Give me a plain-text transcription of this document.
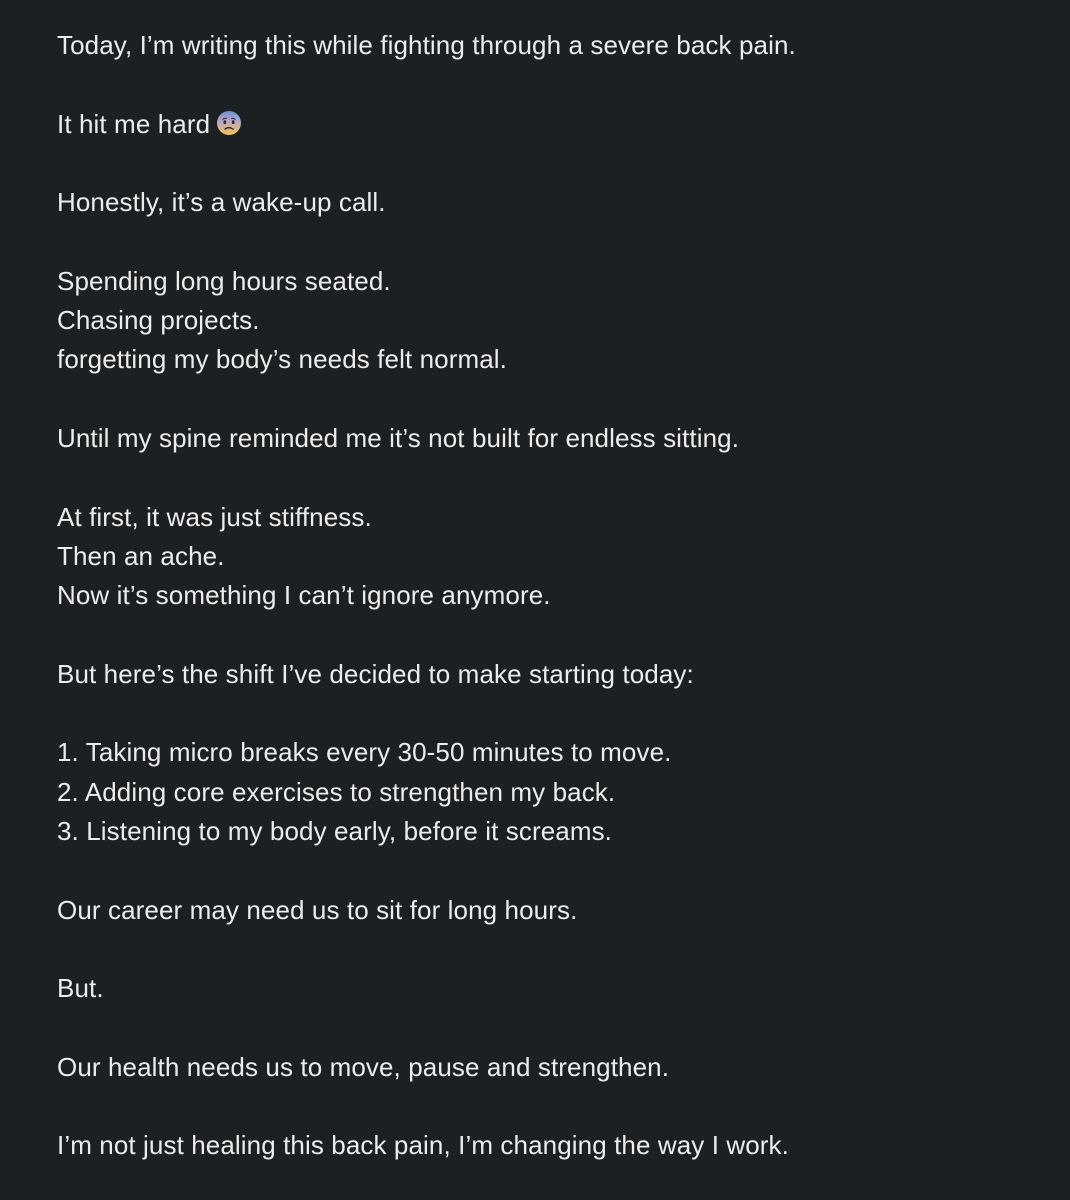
Today, I’m writing this while fighting through a severe back pain.

It hit me hard

Honestly, it’s a wake-up call.

Spending long hours seated.

Chasing projects.

forgetting my body’s needs felt normal.

Until my spine reminded me it’s not built for endless sitting.

At first, it was just stiffness.

Then an ache.

Now it’s something I can’t ignore anymore.

But here’s the shift I’ve decided to make starting today:

1. Taking micro breaks every 30-50 minutes to move.

2. Adding core exercises to strengthen my back.

3. Listening to my body early, before it screams.

Our career may need us to sit for long hours.

But.

Our health needs us to move, pause and strengthen.

I’m not just healing this back pain, I’m changing the way I work.
